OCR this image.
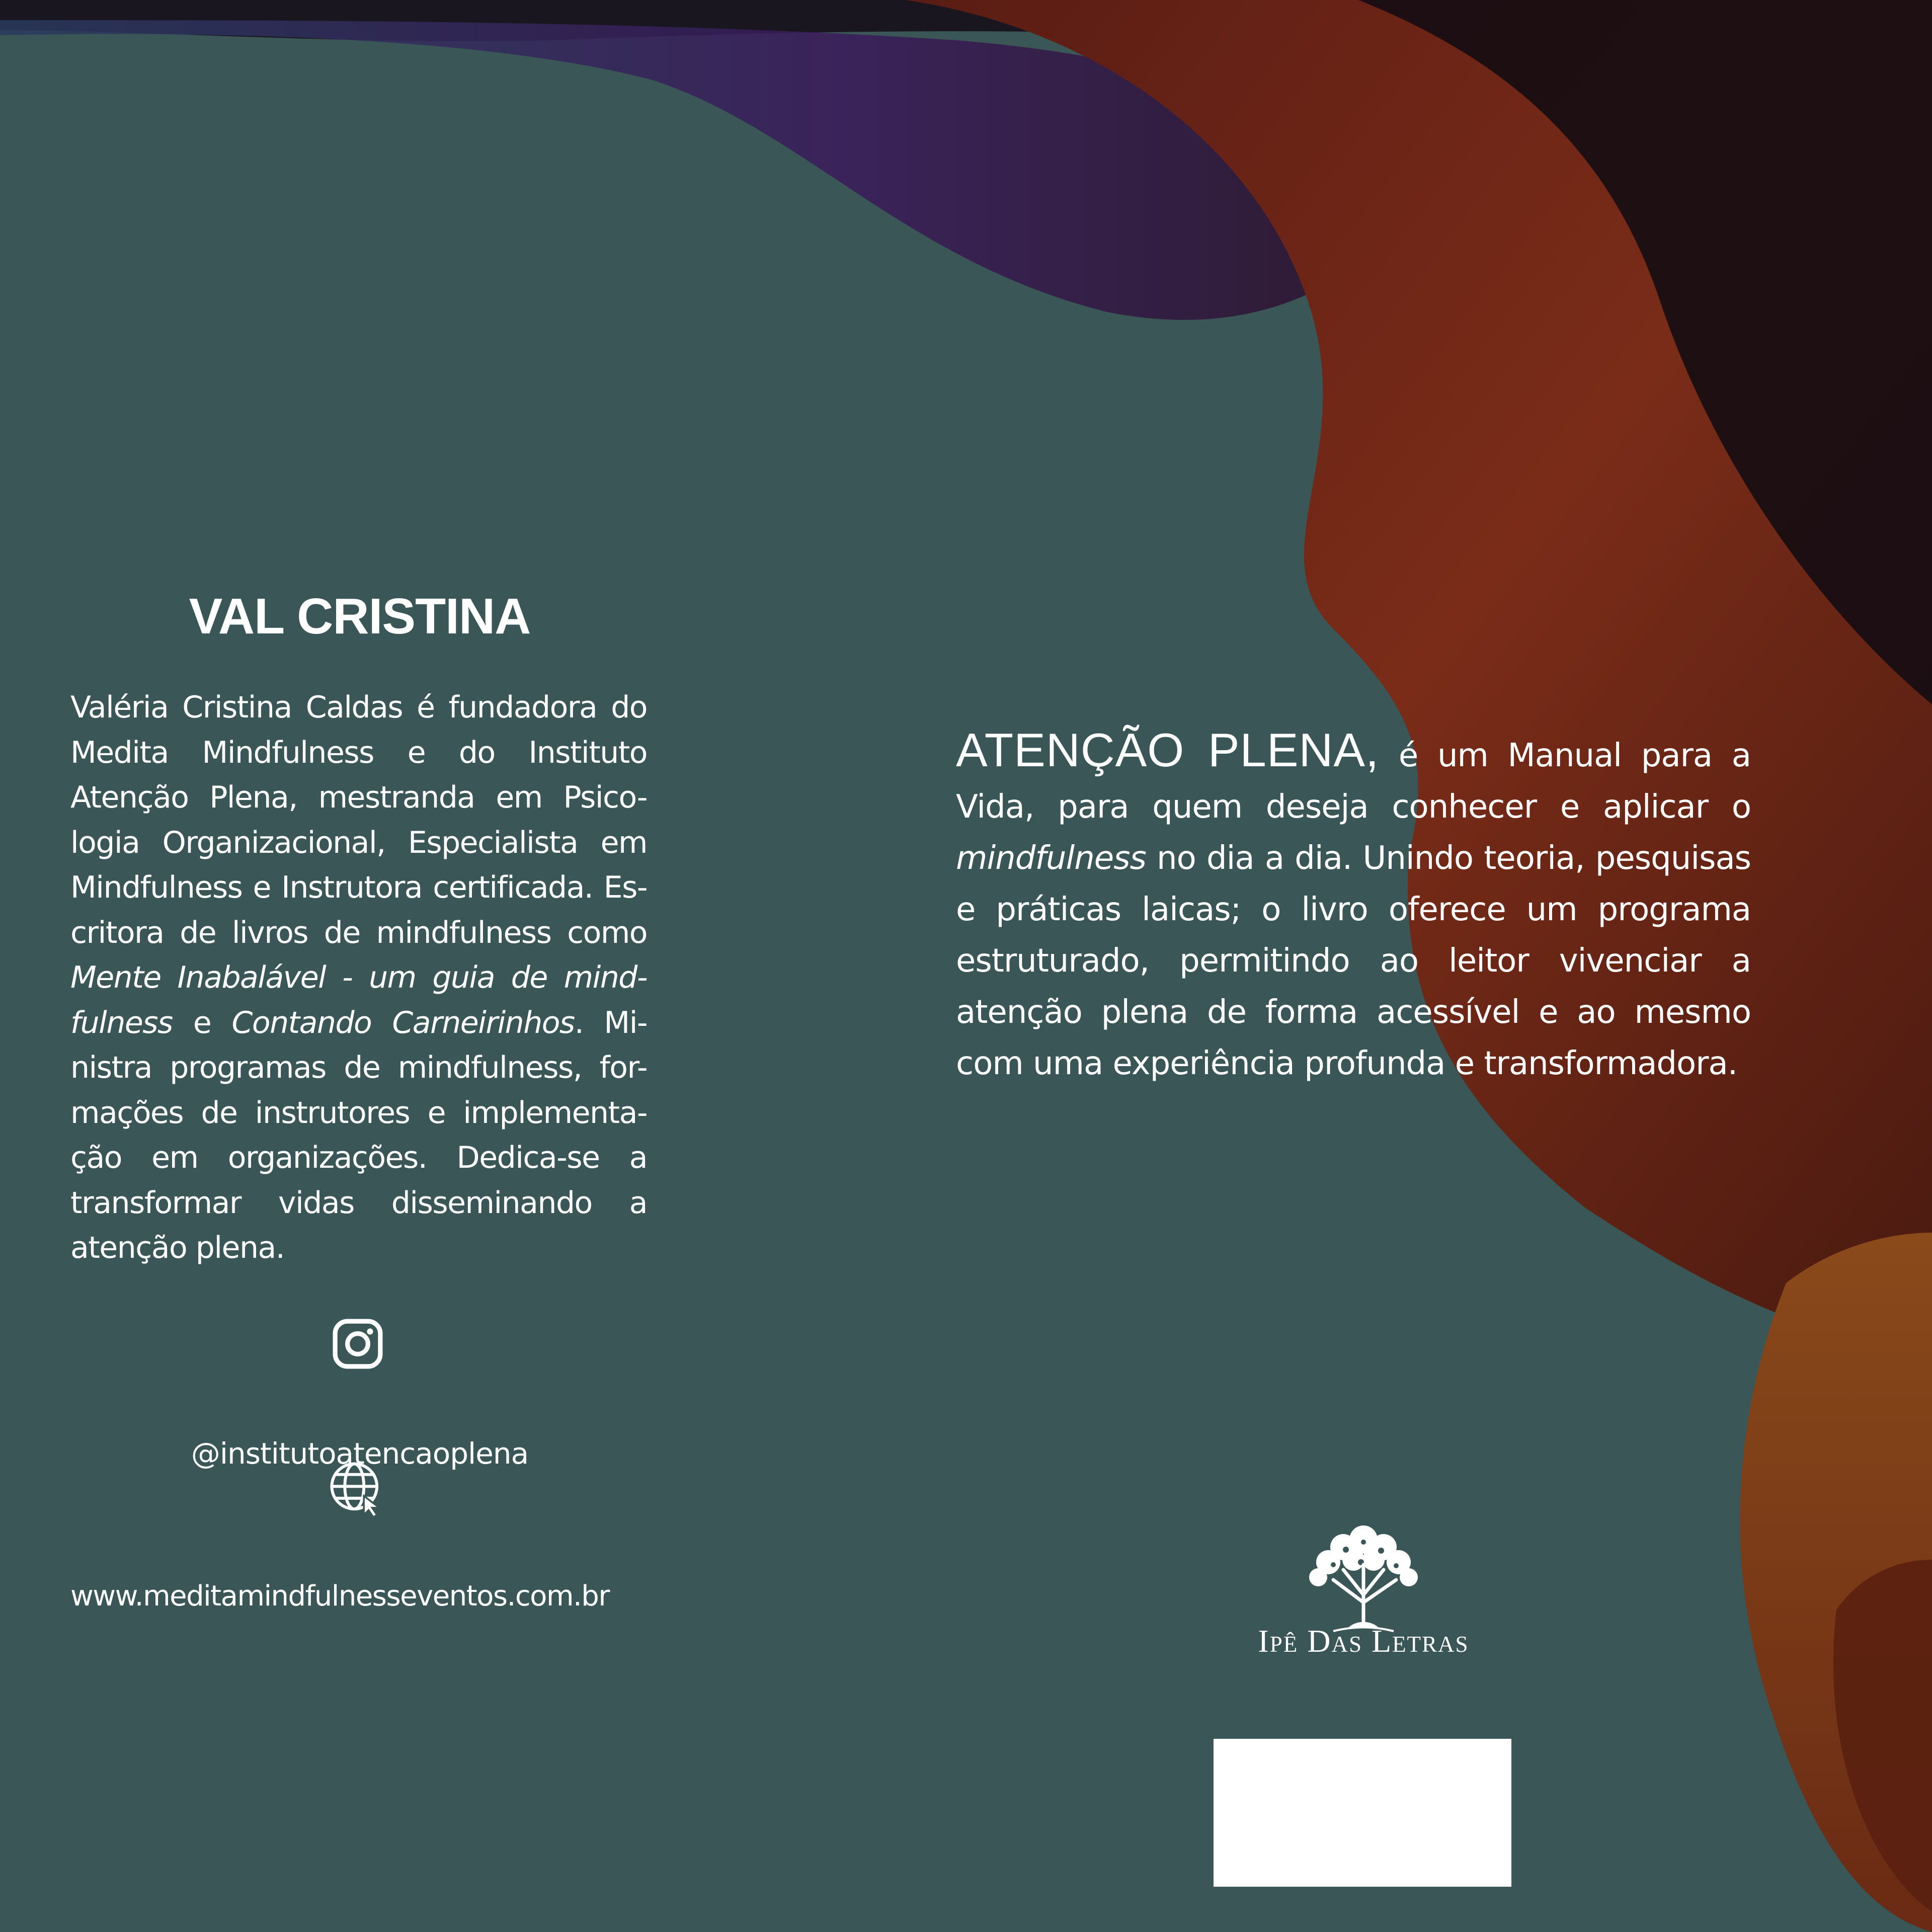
VAL CRISTINA

Valéria Cristina Caldas é fundadora do Medita Mindfulness e do Instituto Atenção Plena, mestranda em Psico-logia Organizacional, Especialista em Mindfulness e Instrutora certificada. Es-critora de livros de mindfulness como Mente Inabalável - um guia de mind-fulness e Contando Carneirinhos. Mi-nistra programas de mindfulness, for-mações de instrutores e implementa-ção em organizações. Dedica-se a transformar vidas disseminando a atenção plena.

@institutoatencaoplena
www.meditamindfulnesseventos.com.br

ATENÇÃO PLENA, é um Manual para a Vida, para quem deseja conhecer e aplicar o mindfulness no dia a dia. Unindo teoria, pesquisas e práticas laicas; o livro oferece um programa estruturado, permitindo ao leitor vivenciar a atenção plena de forma acessível e ao mesmo com uma experiência profunda e transformadora.

Ipê Das Letras
